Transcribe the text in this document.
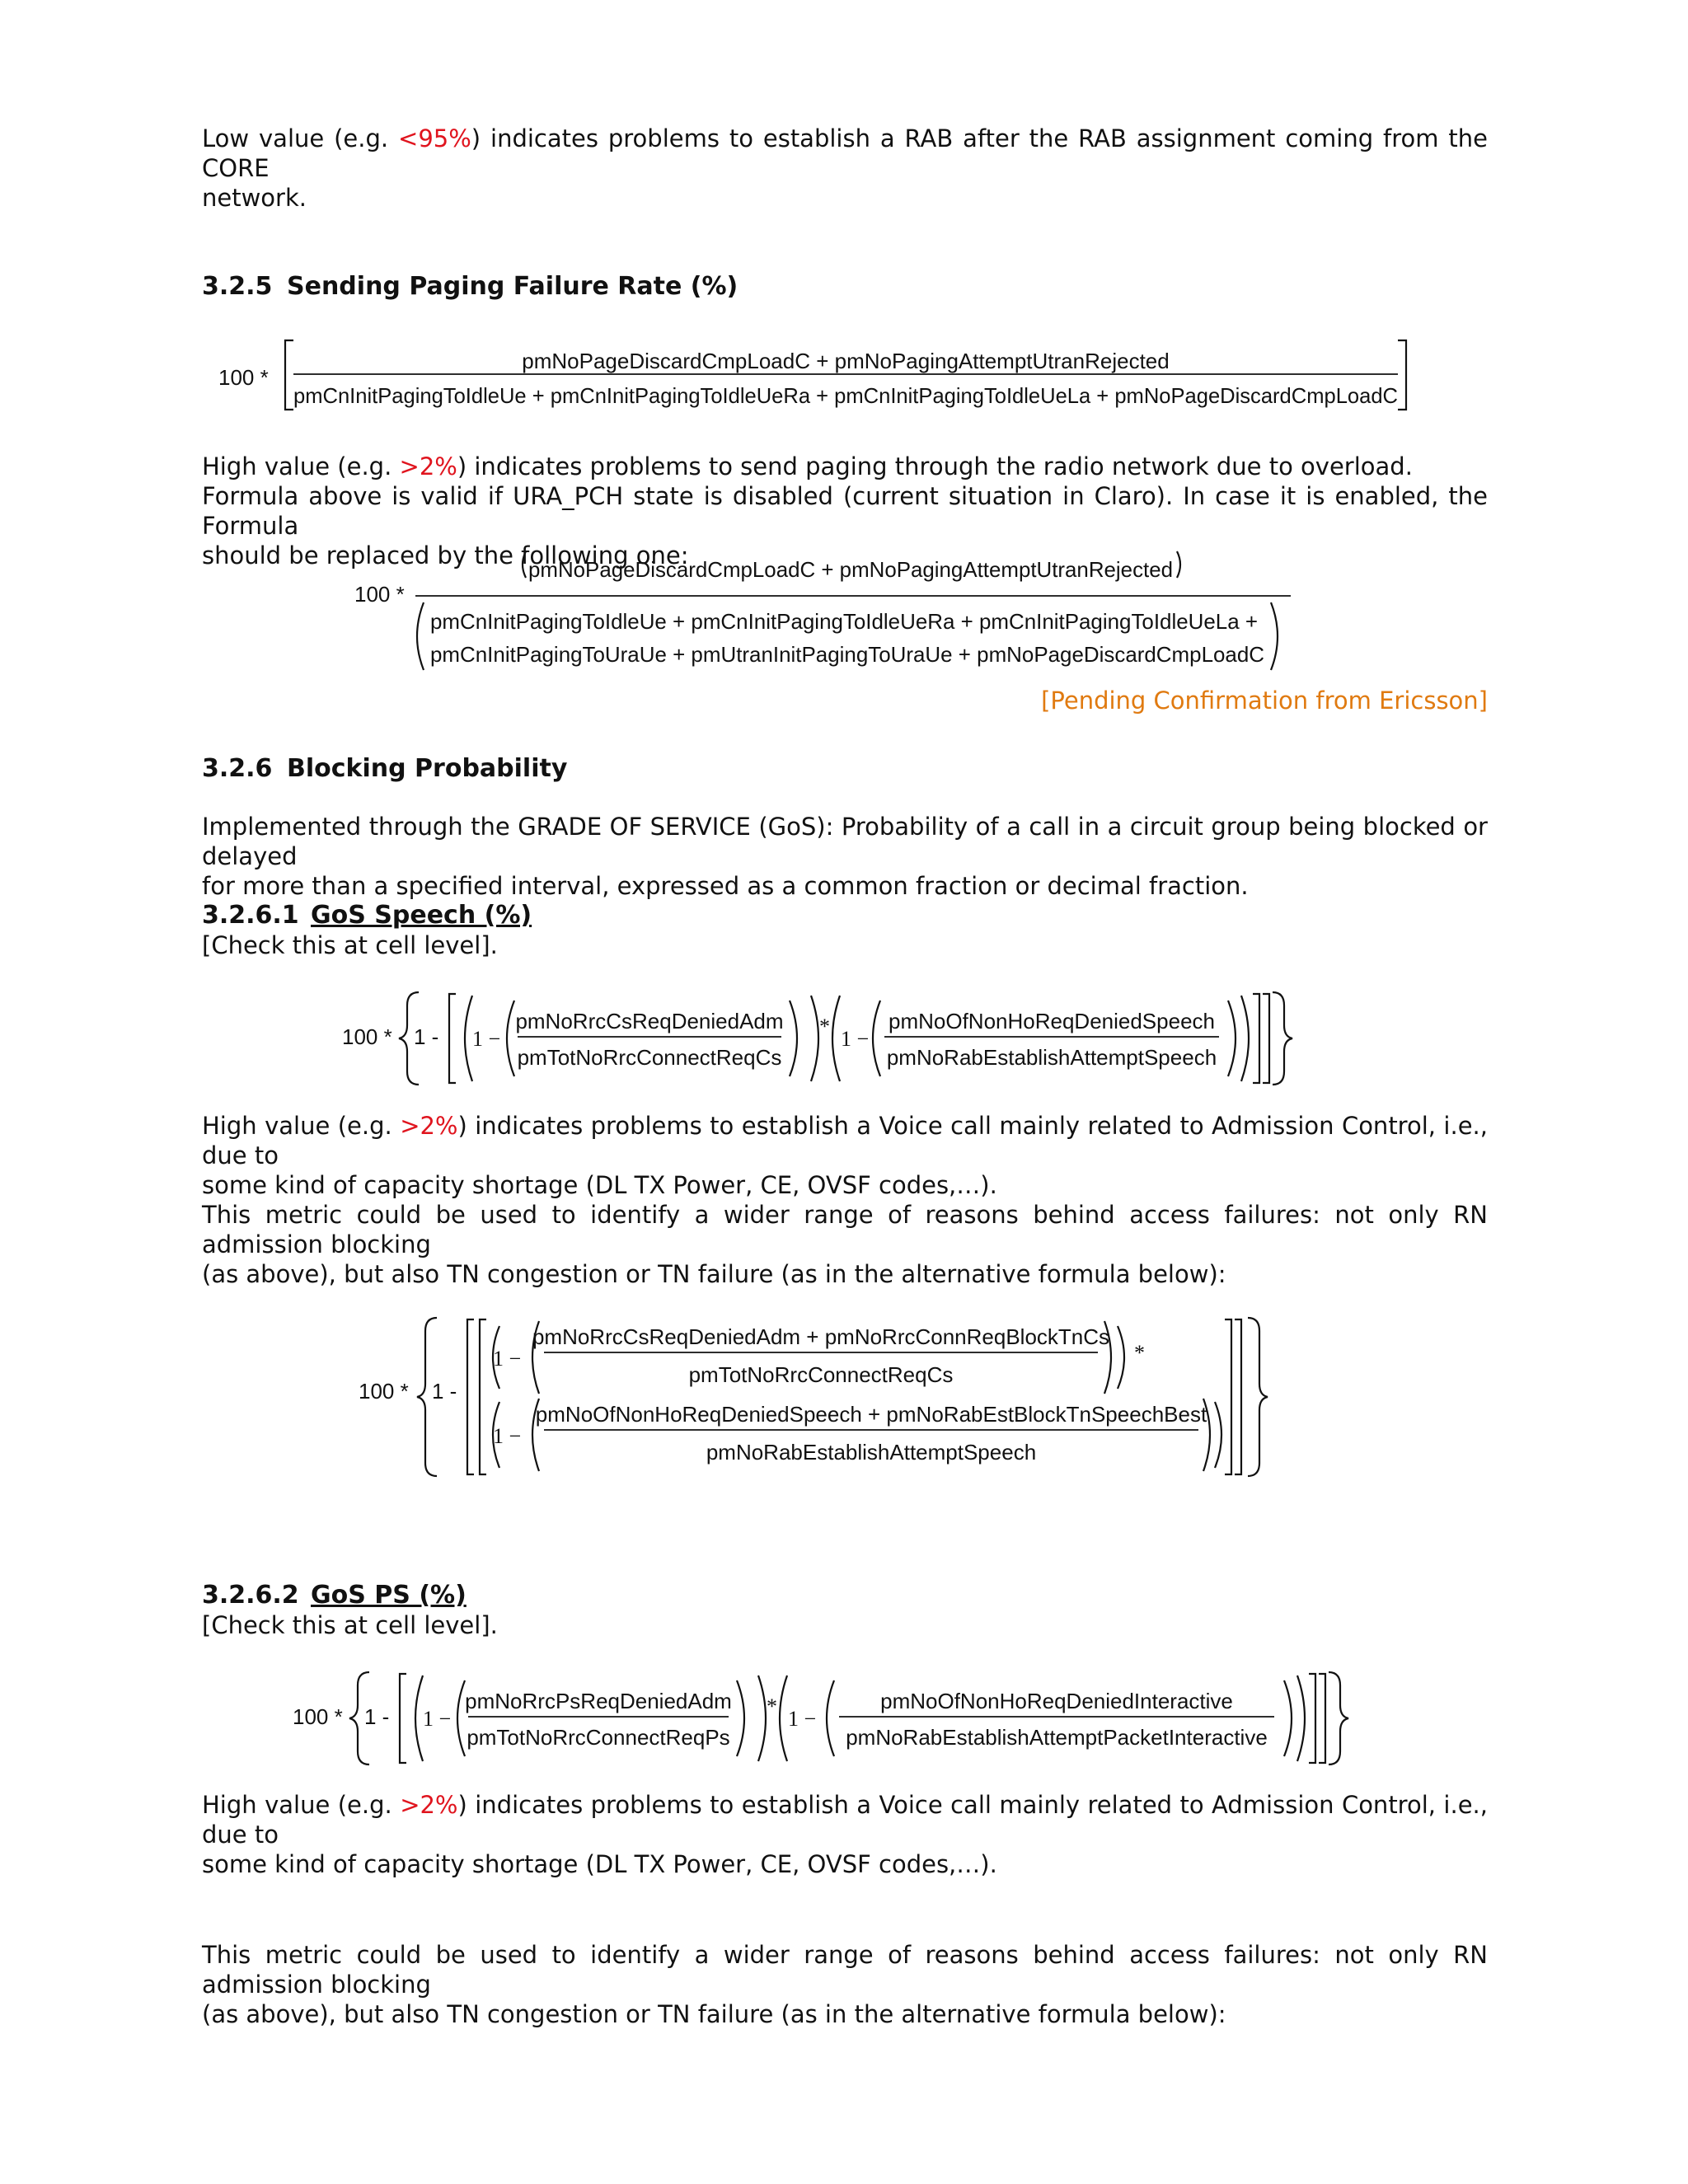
Low value (e.g. <95%) indicates problems to establish a RAB after the RAB assignment coming from the CORE
network.

3.2.5 Sending Paging Failure Rate (%)
100 *
pmNoPageDiscardCmpLoadC + pmNoPagingAttemptUtranRejected
pmCnInitPagingToIdleUe + pmCnInitPagingToIdleUeRa + pmCnInitPagingToIdleUeLa + pmNoPageDiscardCmpLoadC

High value (e.g. >2%) indicates problems to send paging through the radio network due to overload.
Formula above is valid if URA_PCH state is disabled (current situation in Claro). In case it is enabled, the Formula
should be replaced by the following one:

100 *
pmNoPageDiscardCmpLoadC + pmNoPagingAttemptUtranRejected
pmCnInitPagingToIdleUe + pmCnInitPagingToIdleUeRa + pmCnInitPagingToIdleUeLa +
pmCnInitPagingToUraUe + pmUtranInitPagingToUraUe + pmNoPageDiscardCmpLoadC
[Pending Confirmation from Ericsson]
3.2.6 Blocking Probability

Implemented through the GRADE OF SERVICE (GoS): Probability of a call in a circuit group being blocked or delayed
for more than a specified interval, expressed as a common fraction or decimal fraction.

3.2.6.1 GoS Speech (%)

[Check this at cell level].

100 * 1 - 1 −
pmNoRrcCsReqDeniedAdm
pmTotNoRrcConnectReqCs
*
1 −
pmNoOfNonHoReqDeniedSpeech
pmNoRabEstablishAttemptSpeech

High value (e.g. >2%) indicates problems to establish a Voice call mainly related to Admission Control, i.e., due to
some kind of capacity shortage (DL TX Power, CE, OVSF codes,…).

This metric could be used to identify a wider range of reasons behind access failures: not only RN admission blocking
(as above), but also TN congestion or TN failure (as in the alternative formula below):

100 * 1 -
1 −
pmNoRrcCsReqDeniedAdm + pmNoRrcConnReqBlockTnCs
pmTotNoRrcConnectReqCs
*
1 −
pmNoOfNonHoReqDeniedSpeech + pmNoRabEstBlockTnSpeechBest
pmNoRabEstablishAttemptSpeech
3.2.6.2 GoS PS (%)

[Check this at cell level].

100 * 1 - 1 −
pmNoRrcPsReqDeniedAdm
pmTotNoRrcConnectReqPs
*
1 −
pmNoOfNonHoReqDeniedInteractive
pmNoRabEstablishAttemptPacketInteractive

High value (e.g. >2%) indicates problems to establish a Voice call mainly related to Admission Control, i.e., due to
some kind of capacity shortage (DL TX Power, CE, OVSF codes,…).

This metric could be used to identify a wider range of reasons behind access failures: not only RN admission blocking
(as above), but also TN congestion or TN failure (as in the alternative formula below):
